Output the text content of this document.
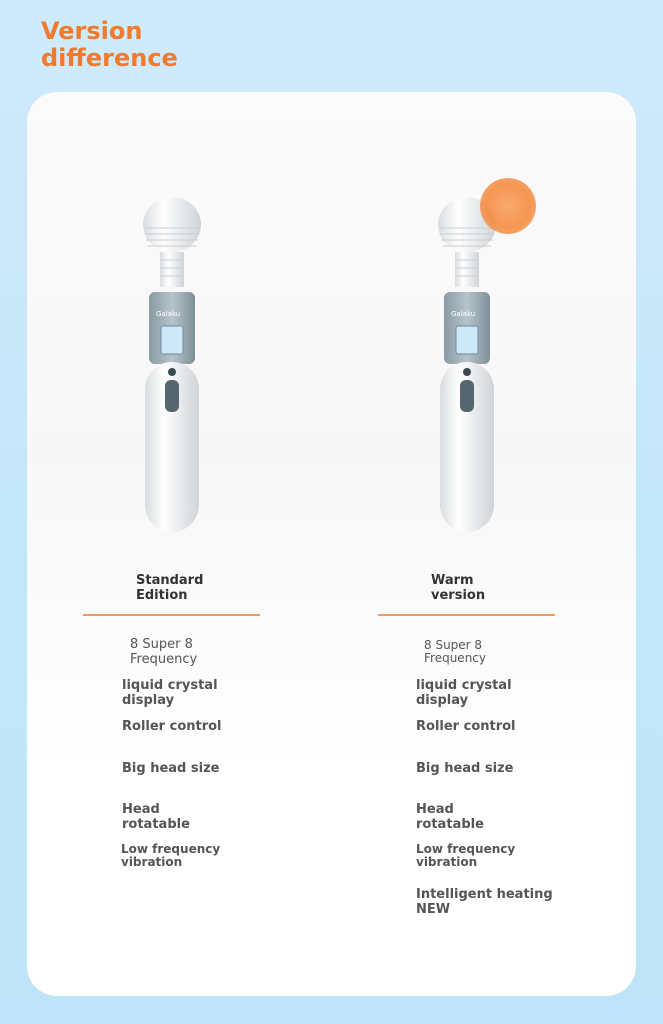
Version
difference
Galaku
Standard
Edition
8 Super 8
Frequency
liquid crystal
display
Roller control
Big head size
Head
rotatable
Low frequency
vibration
Galaku
Warm
version
8 Super 8
Frequency
liquid crystal
display
Roller control
Big head size
Head
rotatable
Low frequency
vibration
Intelligent heating
NEW
